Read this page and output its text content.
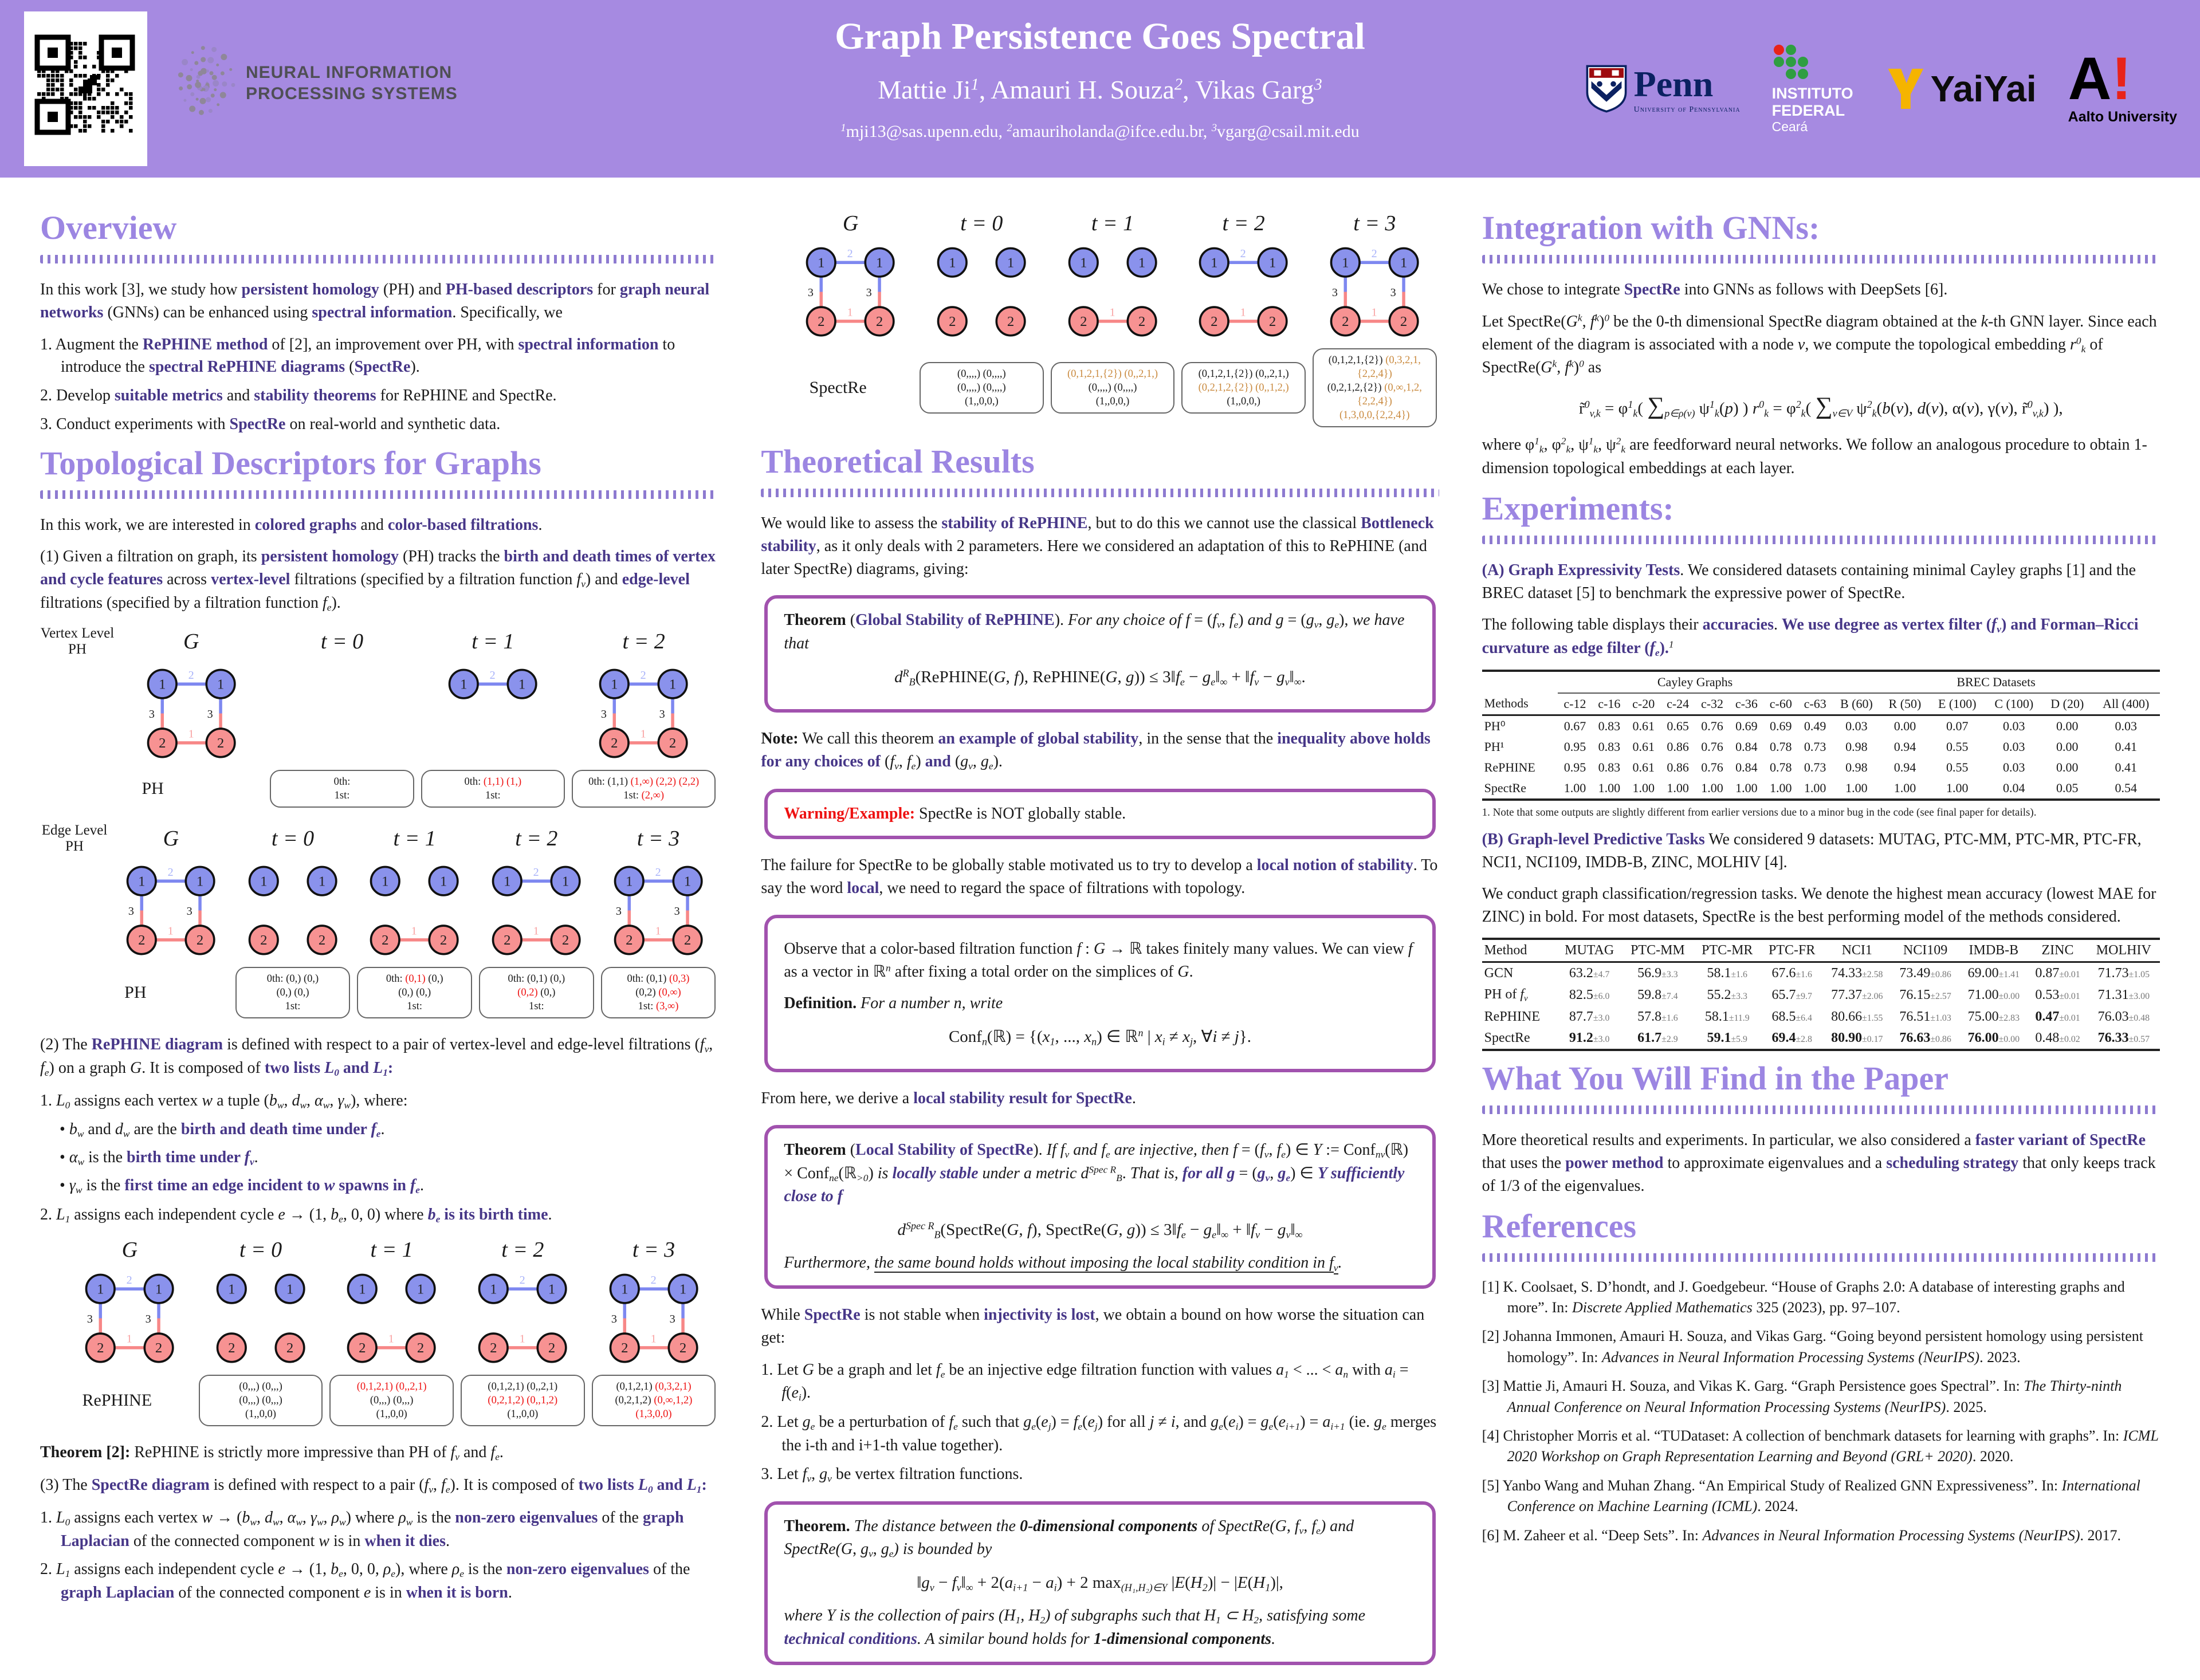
NEURAL INFORMATION
PROCESSING SYSTEMS
Graph Persistence Goes Spectral
Mattie Ji$^1$, Amauri H. Souza$^2$, Vikas Garg$^3$
$^1$mji13@sas.upenn.edu, $^2$amauriholanda@ifce.edu.br, $^3$vgarg@csail.mit.edu
Penn
University of Pennsylvania
INSTITUTO
FEDERAL
Ceará
YaiYai A!
Aalto University
Overview
In this work [3], we study how persistent homology (PH) and PH-based descriptors for graph neural networks (GNNs) can be enhanced using spectral information. Specifically, we
1. Augment the RePHINE method of [2], an improvement over PH, with spectral information to introduce the spectral RePHINE diagrams (SpectRe).
2. Develop suitable metrics and stability theorems for RePHINE and SpectRe.
3. Conduct experiments with SpectRe on real-world and synthetic data.
Topological Descriptors for Graphs
In this work, we are interested in colored graphs and color-based filtrations.
(1) Given a filtration on graph, its persistent homology (PH) tracks the birth and death times of vertex and cycle features across vertex-level filtrations (specified by a filtration function fv) and edge-level filtrations (specified by a filtration function fe).
Vertex Level PH	G	t = 0	t = 1	t = 2
2
1
3	3
1	1
2	2
2
1	1
2
1
3	3
1	1
2	2
PH	0th:
1st:
0th: (1,1) (1,)
1st:
0th: (1,1) (1,∞) (2,2) (2,2)
1st: (2,∞)
Edge Level PH	G	t = 0	t = 1	t = 2	t = 3
2
1
3	3
1	1
2	2
1	1
2	2
1
1	1
2	2
2
1
1	1
2	2
2
1
3	3
1	1
2	2
PH
0th: (0,) (0,)
(0,) (0,)
1st:
0th: (0,1) (0,)
(0,) (0,)
1st:
0th: (0,1) (0,)
(0,2) (0,)
1st:
0th: (0,1) (0,3)
(0,2) (0,∞)
1st: (3,∞)
(2) The RePHINE diagram is defined with respect to a pair of vertex-level and edge-level filtrations (fv, fe) on a graph G. It is composed of two lists L0 and L1:
1. L0 assigns each vertex w a tuple (bw, dw, αw, γw), where:
• bw and dw are the birth and death time under fe.
• αw is the birth time under fv.
• γw is the first time an edge incident to w spawns in fe.
2. L1 assigns each independent cycle e → (1, be, 0, 0) where be is its birth time.
G	t = 0	t = 1	t = 2	t = 3
2
1
3	3
1	1
2	2
1	1
2	2
1
1	1
2	2
2
1
1	1
2	2
2
1
3	3
1	1
2	2
RePHINE
(0,,,) (0,,,)
(0,,,) (0,,,)
(1,,0,0)
(0,1,2,1) (0,,2,1)
(0,,,) (0,,,)
(1,,0,0)
(0,1,2,1) (0,,2,1)
(0,2,1,2) (0,,1,2)
(1,,0,0)
(0,1,2,1) (0,3,2,1)
(0,2,1,2) (0,∞,1,2)
(1,3,0,0)
Theorem [2]: RePHINE is strictly more impressive than PH of fv and fe.
(3) The SpectRe diagram is defined with respect to a pair (fv, fe). It is composed of two lists L0 and L1:
1. L0 assigns each vertex w → (bw, dw, αw, γw, ρw) where ρw is the non-zero eigenvalues of the graph Laplacian of the connected component w is in when it dies.
2. L1 assigns each independent cycle e → (1, be, 0, 0, ρe), where ρe is the non-zero eigenvalues of the graph Laplacian of the connected component e is in when it is born.
G	t = 0	t = 1	t = 2	t = 3
2
1
3	3
1	1
2	2
1	1
2	2
1
1	1
2	2
2
1
1	1
2	2
2
1
3	3
1	1
2	2
SpectRe
(0,,,,) (0,,,,)
(0,,,,) (0,,,,)
(1,,0,0,)
(0,1,2,1,{2}) (0,,2,1,)
(0,,,,) (0,,,,)
(1,,0,0,)
(0,1,2,1,{2}) (0,,2,1,)
(0,2,1,2,{2}) (0,,1,2,)
(1,,0,0,)
(0,1,2,1,{2}) (0,3,2,1,{2,2,4})
(0,2,1,2,{2}) (0,∞,1,2,{2,2,4})
(1,3,0,0,{2,2,4})
Theoretical Results
We would like to assess the stability of RePHINE, but to do this we cannot use the classical Bottleneck stability, as it only deals with 2 parameters. Here we considered an adaptation of this to RePHINE (and later SpectRe) diagrams, giving:
Theorem (Global Stability of RePHINE). For any choice of f = (fv, fe) and g = (gv, ge), we have that
$d^RB(RePHINE(G$, f), RePHINE(G, g)) ≤ 3‖fe − ge‖∞ + ‖fv − gv‖∞.
Note: We call this theorem an example of global stability, in the sense that the inequality above holds for any choices of (fv, fe) and (gv, ge).
Warning/Example: SpectRe is NOT globally stable.
The failure for SpectRe to be globally stable motivated us to try to develop a local notion of stability. To say the word local, we need to regard the space of filtrations with topology.
Observe that a color-based filtration function f : G → ℝ takes finitely many values. We can view f as a vector in ℝ$^n$ after fixing a total order on the simplices of G.
Definition. For a number n, write
Confn(ℝ) = {(x1, ..., xn) ∈ ℝ$^n$ | xi ≠ xj, ∀i ≠ j}.
From here, we derive a local stability result for SpectRe.
Theorem (Local Stability of SpectRe). If fv and fe are injective, then f = (fv, fe) ∈ Y := Confnv(ℝ) × Confne(ℝ>0) is locally stable under a metric $d^{Spec R}B$. That is, for all g = (gv, ge) ∈ Y sufficiently close to f
$d^{Spec R}B(SpectRe(G$, f), SpectRe(G, g)) ≤ 3‖fe − ge‖∞ + ‖fv − gv‖∞
Furthermore, the same bound holds without imposing the local stability condition in fv.
While SpectRe is not stable when injectivity is lost, we obtain a bound on how worse the situation can get:
1. Let G be a graph and let fe be an injective edge filtration function with values a1 < ... < an with ai = f(ei).
2. Let ge be a perturbation of fe such that ge(ej) = fe(ej) for all j ≠ i, and ge(ei) = ge(ei+1) = ai+1 (ie. ge merges the i-th and i+1-th value together).
3. Let fv, gv be vertex filtration functions.
Theorem. The distance between the 0-dimensional components of SpectRe(G, fv, fe) and SpectRe(G, gv, ge) is bounded by
‖gv − fv‖∞ + 2(ai+1 − ai) + 2 max(H₁,H₂)∈Y |E(H2)| − |E(H1)|,
where Y is the collection of pairs (H1, H2) of subgraphs such that H1 ⊂ H2, satisfying some technical conditions. A similar bound holds for 1-dimensional components.
Integration with GNNs:
We chose to integrate SpectRe into GNNs as follows with DeepSets [6].
Let $SpectRe(G^k$, $f^k)^0$ be the 0-th dimensional SpectRe diagram obtained at the k-th GNN layer. Since each element of the diagram is associated with a node v, we compute the topological embedding $r^0k$ of $SpectRe(G^k$, $f^k)^0$ as
r̃$^0$v,k = $\varphi^1k$( ∑p∈ρ(v) $\psi^1k(p)$ ) $r^0k = \varphi^2k$( ∑v∈V $\psi^2k(b(v)$, d(v), α(v), γ(v), r̃$^0$v,k) ),
where $\varphi^1k$, $\varphi^2k$, $\psi^1k$, $\psi^2k$ are feedforward neural networks. We follow an analogous procedure to obtain 1-dimension topological embeddings at each layer.
Experiments:
(A) Graph Expressivity Tests. We considered datasets containing minimal Cayley graphs [1] and the BREC dataset [5] to benchmark the expressive power of SpectRe.
The following table displays their accuracies. We use degree as vertex filter (fv) and Forman–Ricci curvature as edge filter (fe).$^1$
	Cayley Graphs								BREC Datasets					
Methods	c-12	c-16	c-20	c-24	c-32	c-36	c-60	c-63	B (60)	R (50)	E (100)	C (100)	D (20)	All (400)
PH⁰	0.67	0.83	0.61	0.65	0.76	0.69	0.69	0.49	0.03	0.00	0.07	0.03	0.00	0.03
PH¹	0.95	0.83	0.61	0.86	0.76	0.84	0.78	0.73	0.98	0.94	0.55	0.03	0.00	0.41
RePHINE	0.95	0.83	0.61	0.86	0.76	0.84	0.78	0.73	0.98	0.94	0.55	0.03	0.00	0.41
SpectRe	1.00	1.00	1.00	1.00	1.00	1.00	1.00	1.00	1.00	1.00	1.00	0.04	0.05	0.54
1. Note that some outputs are slightly different from earlier versions due to a minor bug in the code (see final paper for details).
(B) Graph-level Predictive Tasks We considered 9 datasets: MUTAG, PTC-MM, PTC-MR, PTC-FR, NCI1, NCI109, IMDB-B, ZINC, MOLHIV [4].
We conduct graph classification/regression tasks. We denote the highest mean accuracy (lowest MAE for ZINC) in bold. For most datasets, SpectRe is the best performing model of the methods considered.
Method	MUTAG	PTC-MM	PTC-MR	PTC-FR	NCI1	NCI109	IMDB-B	ZINC	MOLHIV
GCN	63.2±4.7	56.9±3.3	58.1±1.6	67.6±1.6	74.33±2.58	73.49±0.86	69.00±1.41	0.87±0.01	71.73±1.05
PH of fv	82.5±6.0	59.8±7.4	55.2±3.3	65.7±9.7	77.37±2.06	76.15±2.57	71.00±0.00	0.53±0.01	71.31±3.00
RePHINE	87.7±3.0	57.8±1.6	58.1±11.9	68.5±6.4	80.66±1.55	76.51±1.03	75.00±2.83	0.47±0.01	76.03±0.48
SpectRe	91.2±3.0	61.7±2.9	59.1±5.9	69.4±2.8	80.90±0.17	76.63±0.86	76.00±0.00	0.48±0.02	76.33±0.57
What You Will Find in the Paper
More theoretical results and experiments. In particular, we also considered a faster variant of SpectRe that uses the power method to approximate eigenvalues and a scheduling strategy that only keeps track of 1/3 of the eigenvalues.
References
[1] K. Coolsaet, S. D’hondt, and J. Goedgebeur. “House of Graphs 2.0: A database of interesting graphs and more”. In: Discrete Applied Mathematics 325 (2023), pp. 97–107.
[2] Johanna Immonen, Amauri H. Souza, and Vikas Garg. “Going beyond persistent homology using persistent homology”. In: Advances in Neural Information Processing Systems (NeurIPS). 2023.
[3] Mattie Ji, Amauri H. Souza, and Vikas K. Garg. “Graph Persistence goes Spectral”. In: The Thirty-ninth Annual Conference on Neural Information Processing Systems (NeurIPS). 2025.
[4] Christopher Morris et al. “TUDataset: A collection of benchmark datasets for learning with graphs”. In: ICML 2020 Workshop on Graph Representation Learning and Beyond (GRL+ 2020). 2020.
[5] Yanbo Wang and Muhan Zhang. “An Empirical Study of Realized GNN Expressiveness”. In: International Conference on Machine Learning (ICML). 2024.
[6] M. Zaheer et al. “Deep Sets”. In: Advances in Neural Information Processing Systems (NeurIPS). 2017.
